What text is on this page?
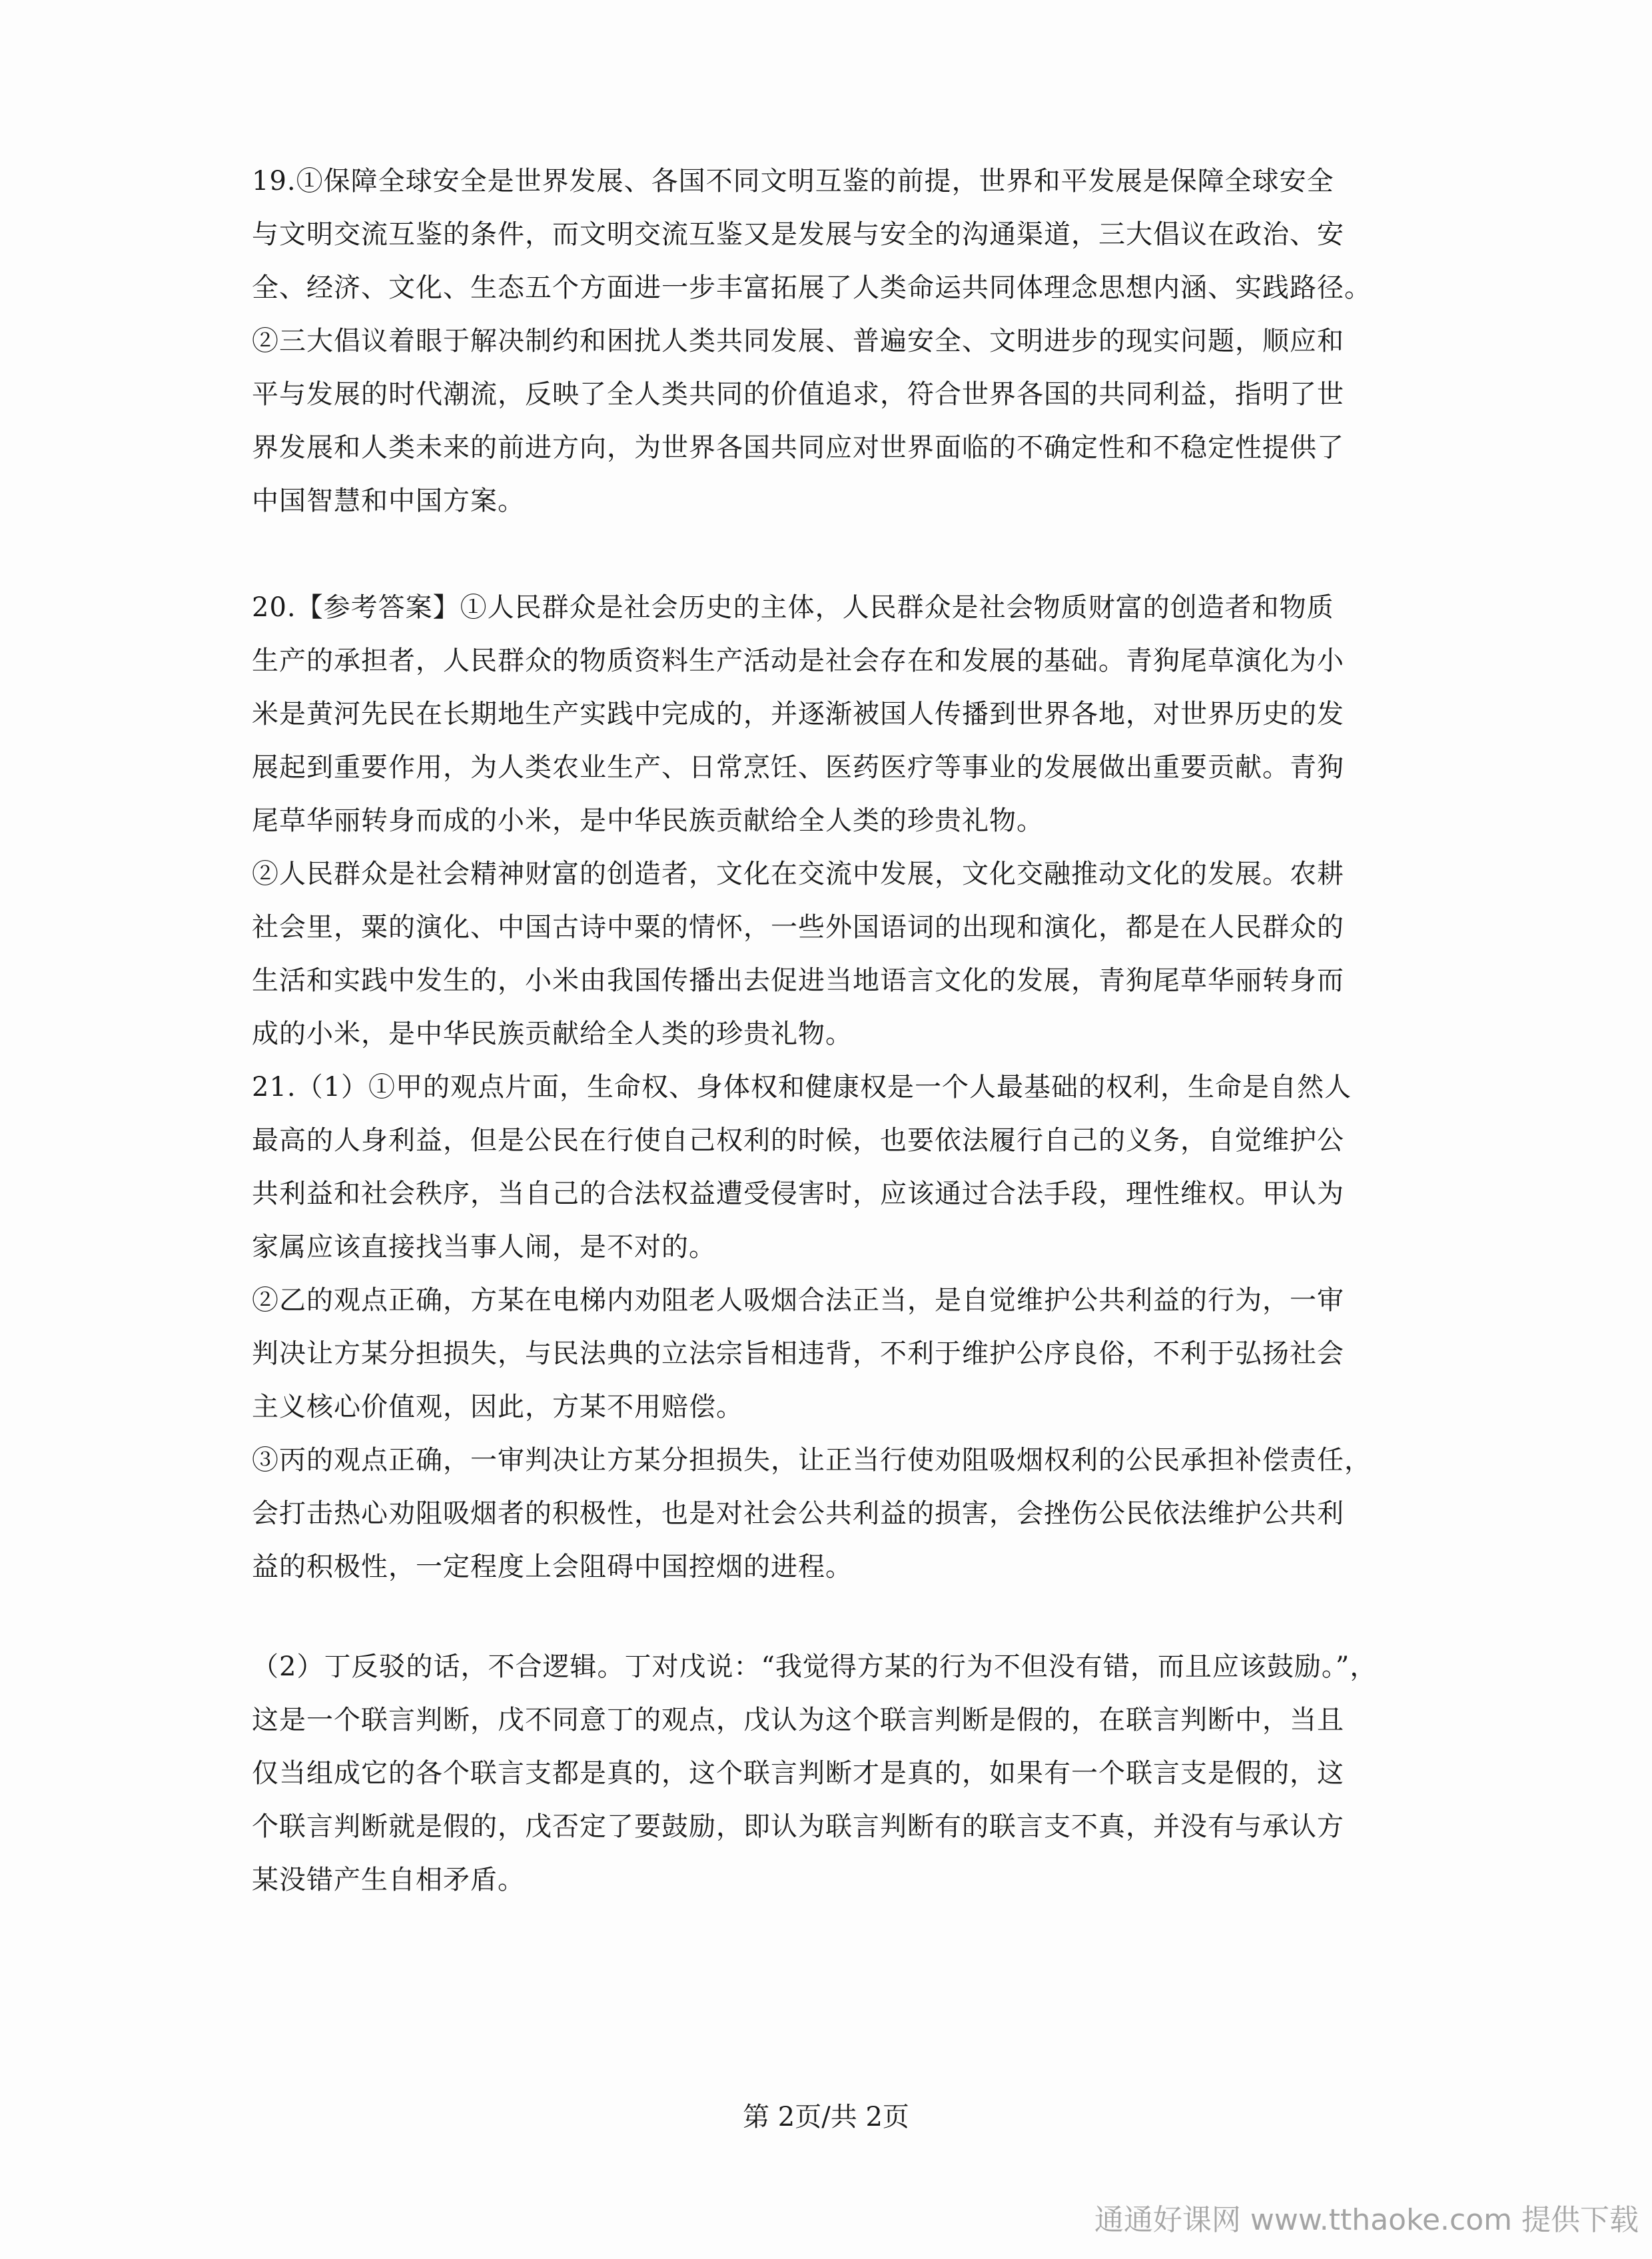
19.①保障全球安全是世界发展、各国不同文明互鉴的前提，世界和平发展是保障全球安全
与文明交流互鉴的条件，而文明交流互鉴又是发展与安全的沟通渠道，三大倡议在政治、安
全、经济、文化、生态五个方面进一步丰富拓展了人类命运共同体理念思想内涵、实践路径。
②三大倡议着眼于解决制约和困扰人类共同发展、普遍安全、文明进步的现实问题，顺应和
平与发展的时代潮流，反映了全人类共同的价值追求，符合世界各国的共同利益，指明了世
界发展和人类未来的前进方向，为世界各国共同应对世界面临的不确定性和不稳定性提供了
中国智慧和中国方案。
20.【参考答案】①人民群众是社会历史的主体，人民群众是社会物质财富的创造者和物质
生产的承担者，人民群众的物质资料生产活动是社会存在和发展的基础。青狗尾草演化为小
米是黄河先民在长期地生产实践中完成的，并逐渐被国人传播到世界各地，对世界历史的发
展起到重要作用，为人类农业生产、日常烹饪、医药医疗等事业的发展做出重要贡献。青狗
尾草华丽转身而成的小米，是中华民族贡献给全人类的珍贵礼物。
②人民群众是社会精神财富的创造者，文化在交流中发展，文化交融推动文化的发展。农耕
社会里，粟的演化、中国古诗中粟的情怀，一些外国语词的出现和演化，都是在人民群众的
生活和实践中发生的，小米由我国传播出去促进当地语言文化的发展，青狗尾草华丽转身而
成的小米，是中华民族贡献给全人类的珍贵礼物。
21.（1）①甲的观点片面，生命权、身体权和健康权是一个人最基础的权利，生命是自然人
最高的人身利益，但是公民在行使自己权利的时候，也要依法履行自己的义务，自觉维护公
共利益和社会秩序，当自己的合法权益遭受侵害时，应该通过合法手段，理性维权。甲认为
家属应该直接找当事人闹，是不对的。
②乙的观点正确，方某在电梯内劝阻老人吸烟合法正当，是自觉维护公共利益的行为，一审
判决让方某分担损失，与民法典的立法宗旨相违背，不利于维护公序良俗，不利于弘扬社会
主义核心价值观，因此，方某不用赔偿。
③丙的观点正确，一审判决让方某分担损失，让正当行使劝阻吸烟权利的公民承担补偿责任，
会打击热心劝阻吸烟者的积极性，也是对社会公共利益的损害，会挫伤公民依法维护公共利
益的积极性，一定程度上会阻碍中国控烟的进程。
（2）丁反驳的话，不合逻辑。丁对戊说：“我觉得方某的行为不但没有错，而且应该鼓励。”，
这是一个联言判断，戊不同意丁的观点，戊认为这个联言判断是假的，在联言判断中，当且
仅当组成它的各个联言支都是真的，这个联言判断才是真的，如果有一个联言支是假的，这
个联言判断就是假的，戊否定了要鼓励，即认为联言判断有的联言支不真，并没有与承认方
某没错产生自相矛盾。
第 2页/共 2页
通通好课网 www.tthaoke.com 提供下载
